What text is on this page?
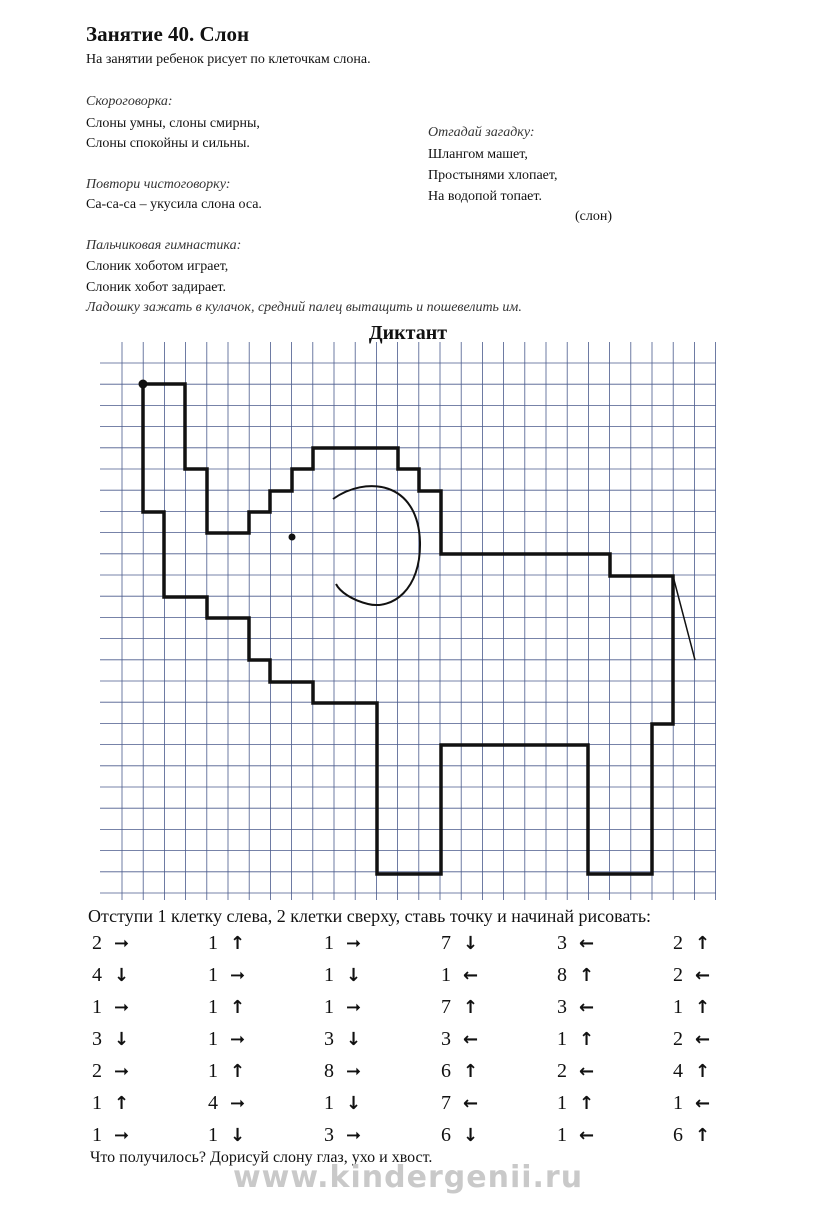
Занятие 40. Слон
На занятии ребенок рисует по клеточкам слона.
Скороговорка:
Слоны умны, слоны смирны,
Слоны спокойны и сильны.
Повтори чистоговорку:
Са-са-са – укусила слона оса.
Пальчиковая гимнастика:
Слоник хоботом играет,
Слоник хобот задирает.
Ладошку зажать в кулачок, средний палец вытащить и пошевелить им.
Отгадай загадку:
Шлангом машет,
Простынями хлопает,
На водопой топает.
(слон)
Диктант
Отступи 1 клетку слева, 2 клетки сверху, ставь точку и начинай рисовать:
2 ➞
4 ↓
1 ➞
3 ↓
2 ➞
1 ↑
1 ➞
1 ↑
1 ➞
1 ↑
1 ➞
1 ↑
4 ➞
1 ↓
1 ➞
1 ↓
1 ➞
3 ↓
8 ➞
1 ↓
3 ➞
7 ↓
1 ←
7 ↑
3 ←
6 ↑
7 ←
6 ↓
3 ←
8 ↑
3 ←
1 ↑
2 ←
1 ↑
1 ←
2 ↑
2 ←
1 ↑
2 ←
4 ↑
1 ←
6 ↑
Что получилось? Дорисуй слону глаз, ухо и хвост.
www.kindergenii.ru
